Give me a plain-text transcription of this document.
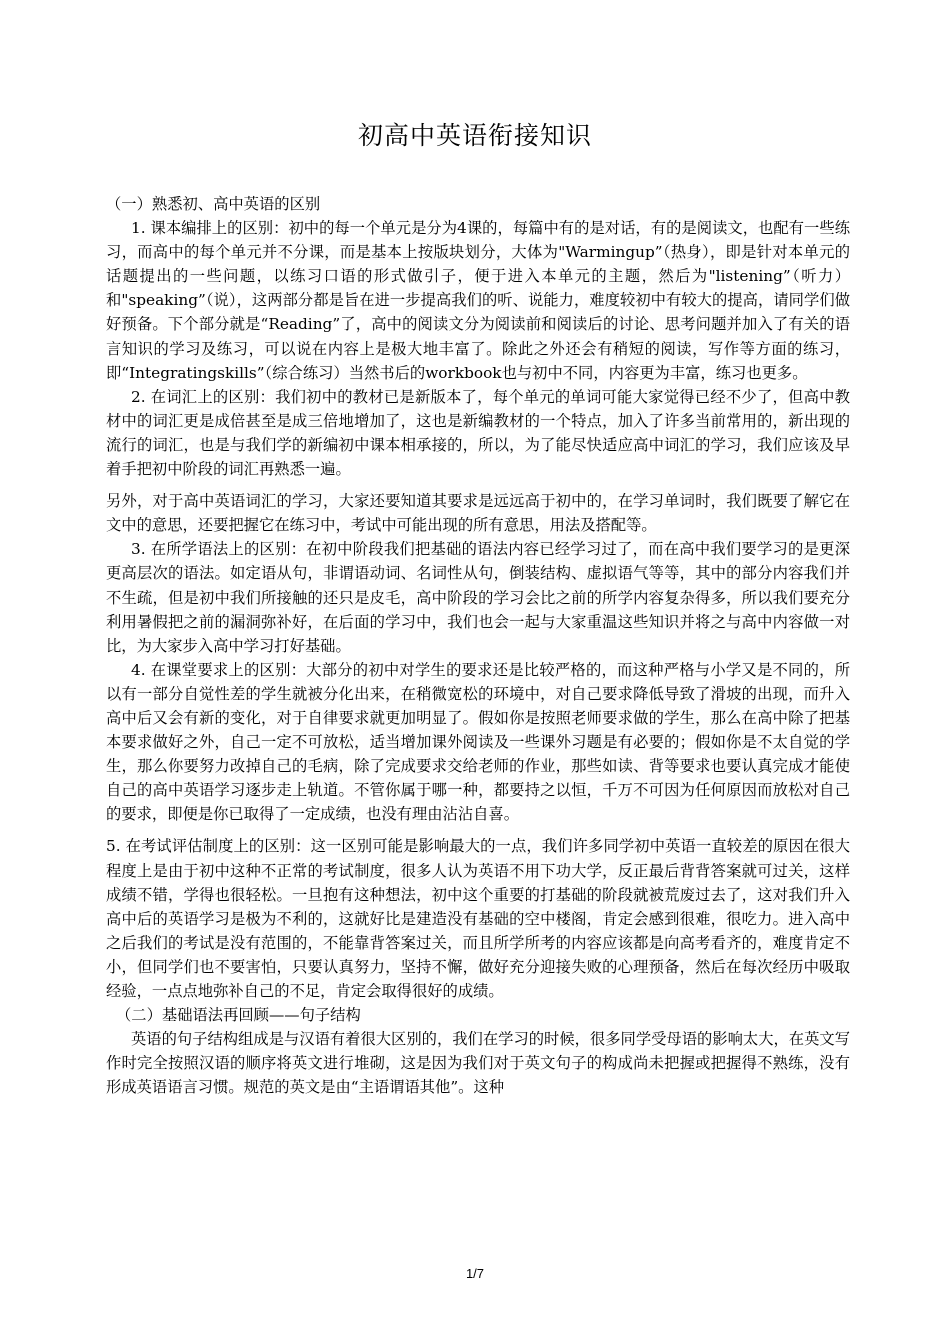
初高中英语衔接知识

（一）熟悉初、高中英语的区别

1. 课本编排上的区别：初中的每一个单元是分为4课的，每篇中有的是对话，有的是阅读文，也配有一些练习，而高中的每个单元并不分课，而是基本上按版块划分，大体为"Warmingup”（热身），即是针对本单元的话题提出的一些问题，以练习口语的形式做引子，便于进入本单元的主题，然后为"listening”（听力）和"speaking”（说），这两部分都是旨在进一步提高我们的听、说能力，难度较初中有较大的提高，请同学们做好预备。下个部分就是“Reading”了，高中的阅读文分为阅读前和阅读后的讨论、思考问题并加入了有关的语言知识的学习及练习，可以说在内容上是极大地丰富了。除此之外还会有稍短的阅读，写作等方面的练习，即“Integratingskills”（综合练习）当然书后的workbook也与初中不同，内容更为丰富，练习也更多。

2. 在词汇上的区别：我们初中的教材已是新版本了，每个单元的单词可能大家觉得已经不少了，但高中教材中的词汇更是成倍甚至是成三倍地增加了，这也是新编教材的一个特点，加入了许多当前常用的，新出现的流行的词汇，也是与我们学的新编初中课本相承接的，所以，为了能尽快适应高中词汇的学习，我们应该及早着手把初中阶段的词汇再熟悉一遍。

另外，对于高中英语词汇的学习，大家还要知道其要求是远远高于初中的，在学习单词时，我们既要了解它在文中的意思，还要把握它在练习中，考试中可能出现的所有意思，用法及搭配等。

3. 在所学语法上的区别：在初中阶段我们把基础的语法内容已经学习过了，而在高中我们要学习的是更深更高层次的语法。如定语从句，非谓语动词、名词性从句，倒装结构、虚拟语气等等，其中的部分内容我们并不生疏，但是初中我们所接触的还只是皮毛，高中阶段的学习会比之前的所学内容复杂得多，所以我们要充分利用暑假把之前的漏洞弥补好，在后面的学习中，我们也会一起与大家重温这些知识并将之与高中内容做一对比，为大家步入高中学习打好基础。

4. 在课堂要求上的区别：大部分的初中对学生的要求还是比较严格的，而这种严格与小学又是不同的，所以有一部分自觉性差的学生就被分化出来，在稍微宽松的环境中，对自己要求降低导致了滑坡的出现，而升入高中后又会有新的变化，对于自律要求就更加明显了。假如你是按照老师要求做的学生，那么在高中除了把基本要求做好之外，自己一定不可放松，适当增加课外阅读及一些课外习题是有必要的；假如你是不太自觉的学生，那么你要努力改掉自己的毛病，除了完成要求交给老师的作业，那些如读、背等要求也要认真完成才能使自己的高中英语学习逐步走上轨道。不管你属于哪一种，都要持之以恒，千万不可因为任何原因而放松对自己的要求，即便是你已取得了一定成绩，也没有理由沾沾自喜。

5. 在考试评估制度上的区别：这一区别可能是影响最大的一点，我们许多同学初中英语一直较差的原因在很大程度上是由于初中这种不正常的考试制度，很多人认为英语不用下功大学，反正最后背背答案就可过关，这样成绩不错，学得也很轻松。一旦抱有这种想法，初中这个重要的打基础的阶段就被荒废过去了，这对我们升入高中后的英语学习是极为不利的，这就好比是建造没有基础的空中楼阁，肯定会感到很难，很吃力。进入高中之后我们的考试是没有范围的，不能靠背答案过关，而且所学所考的内容应该都是向高考看齐的，难度肯定不小，但同学们也不要害怕，只要认真努力，坚持不懈，做好充分迎接失败的心理预备，然后在每次经历中吸取经验，一点点地弥补自己的不足，肯定会取得很好的成绩。

（二）基础语法再回顾——句子结构

英语的句子结构组成是与汉语有着很大区别的，我们在学习的时候，很多同学受母语的影响太大，在英文写作时完全按照汉语的顺序将英文进行堆砌，这是因为我们对于英文句子的构成尚未把握或把握得不熟练，没有形成英语语言习惯。规范的英文是由“主语谓语其他”。这种

1/7
